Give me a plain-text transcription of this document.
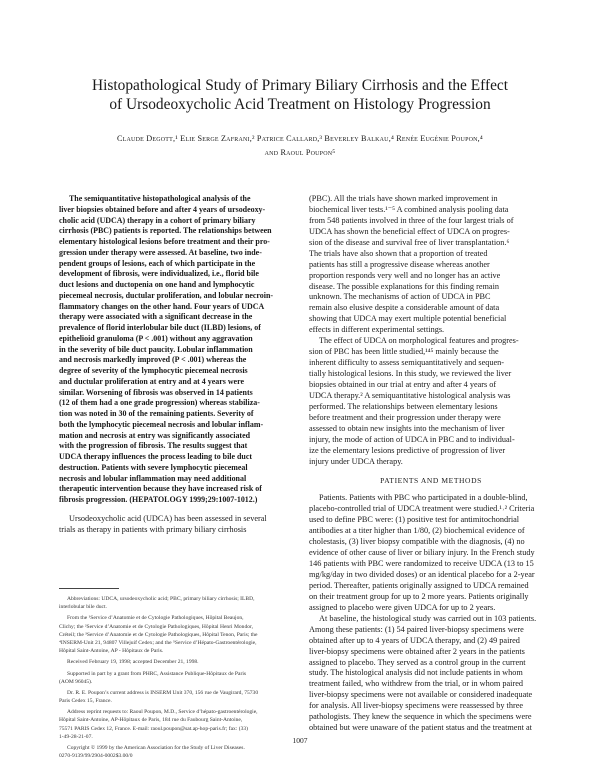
Histopathological Study of Primary Biliary Cirrhosis and the Effect
of Ursodeoxycholic Acid Treatment on Histology Progression
Claude Degott,¹ Elie Serge Zafrani,² Patrice Callard,³ Beverley Balkau,⁴ Renée Eugénie Poupon,⁴
and Raoul Poupon⁵
The semiquantitative histopathological analysis of the
liver biopsies obtained before and after 4 years of ursodeoxy-
cholic acid (UDCA) therapy in a cohort of primary biliary
cirrhosis (PBC) patients is reported. The relationships between
elementary histological lesions before treatment and their pro-
gression under therapy were assessed. At baseline, two inde-
pendent groups of lesions, each of which participate in the
development of fibrosis, were individualized, i.e., florid bile
duct lesions and ductopenia on one hand and lymphocytic
piecemeal necrosis, ductular proliferation, and lobular necroin-
flammatory changes on the other hand. Four years of UDCA
therapy were associated with a significant decrease in the
prevalence of florid interlobular bile duct (ILBD) lesions, of
epithelioid granuloma (P < .001) without any aggravation
in the severity of bile duct paucity. Lobular inflammation
and necrosis markedly improved (P < .001) whereas the
degree of severity of the lymphocytic piecemeal necrosis
and ductular proliferation at entry and at 4 years were
similar. Worsening of fibrosis was observed in 14 patients
(12 of them had a one grade progression) whereas stabiliza-
tion was noted in 30 of the remaining patients. Severity of
both the lymphocytic piecemeal necrosis and lobular inflam-
mation and necrosis at entry was significantly associated
with the progression of fibrosis. The results suggest that
UDCA therapy influences the process leading to bile duct
destruction. Patients with severe lymphocytic piecemeal
necrosis and lobular inflammation may need additional
therapeutic intervention because they have increased risk of
fibrosis progression. (HEPATOLOGY 1999;29:1007-1012.)
Ursodeoxycholic acid (UDCA) has been assessed in several
trials as therapy in patients with primary biliary cirrhosis
Abbreviations: UDCA, ursodeoxycholic acid; PBC, primary biliary cirrhosis; ILBD,
interlobular bile duct.
From the ¹Service d’Anatomie et de Cytologie Pathologiques, Hôpital Beaujon,
Clichy; the ²Service d’Anatomie et de Cytologie Pathologiques, Hôpital Henri Mondor,
Créteil; the ³Service d’Anatomie et de Cytologie Pathologiques, Hôpital Tenon, Paris; the
⁴INSERM-Unit 21, 94807 Villejuif Cedex; and the ⁵Service d’Hépato-Gastroentérologie,
Hôpital Saint-Antoine, AP - Hôpitaux de Paris.
Received February 19, 1998; accepted December 21, 1998.
Supported in part by a grant from PHRC, Assistance Publique-Hôpitaux de Paris
(AOM 96045).
Dr. R. E. Poupon’s current address is INSERM Unit 370, 156 rue de Vaugirard, 75730
Paris Cedex 15, France.
Address reprint requests to: Raoul Poupon, M.D., Service d’hépato-gastroentérologie,
Hôpital Saint-Antoine, AP-Hôpitaux de Paris, 184 rue du Faubourg Saint-Antoine,
75571 PARIS Cedex 12, France. E-mail: raoul.poupon@sat.ap-hop-paris.fr; fax: (33)
1-49-28-21-07.
Copyright © 1999 by the American Association for the Study of Liver Diseases.
0270-9139/99/2904-0002$3.00/0
(PBC). All the trials have shown marked improvement in
biochemical liver tests.¹⁻⁵ A combined analysis pooling data
from 548 patients involved in three of the four largest trials of
UDCA has shown the beneficial effect of UDCA on progres-
sion of the disease and survival free of liver transplantation.⁶
The trials have also shown that a proportion of treated
patients has still a progressive disease whereas another
proportion responds very well and no longer has an active
disease. The possible explanations for this finding remain
unknown. The mechanisms of action of UDCA in PBC
remain also elusive despite a considerable amount of data
showing that UDCA may exert multiple potential beneficial
effects in different experimental settings.
The effect of UDCA on morphological features and progres-
sion of PBC has been little studied,¹⁴⁵ mainly because the
inherent difficulty to assess semiquantitatively and sequen-
tially histological lesions. In this study, we reviewed the liver
biopsies obtained in our trial at entry and after 4 years of
UDCA therapy.² A semiquantitative histological analysis was
performed. The relationships between elementary lesions
before treatment and their progression under therapy were
assessed to obtain new insights into the mechanism of liver
injury, the mode of action of UDCA in PBC and to individual-
ize the elementary lesions predictive of progression of liver
injury under UDCA therapy.
PATIENTS AND METHODS
Patients. Patients with PBC who participated in a double-blind,
placebo-controlled trial of UDCA treatment were studied.¹˒² Criteria
used to define PBC were: (1) positive test for antimitochondrial
antibodies at a titer higher than 1/80, (2) biochemical evidence of
cholestasis, (3) liver biopsy compatible with the diagnosis, (4) no
evidence of other cause of liver or biliary injury. In the French study
146 patients with PBC were randomized to receive UDCA (13 to 15
mg/kg/day in two divided doses) or an identical placebo for a 2-year
period. Thereafter, patients originally assigned to UDCA remained
on their treatment group for up to 2 more years. Patients originally
assigned to placebo were given UDCA for up to 2 years.
At baseline, the histological study was carried out in 103 patients.
Among these patients: (1) 54 paired liver-biopsy specimens were
obtained after up to 4 years of UDCA therapy, and (2) 49 paired
liver-biopsy specimens were obtained after 2 years in the patients
assigned to placebo. They served as a control group in the current
study. The histological analysis did not include patients in whom
treatment failed, who withdrew from the trial, or in whom paired
liver-biopsy specimens were not available or considered inadequate
for analysis. All liver-biopsy specimens were reassessed by three
pathologists. They knew the sequence in which the specimens were
obtained but were unaware of the patient status and the treatment at
1007
